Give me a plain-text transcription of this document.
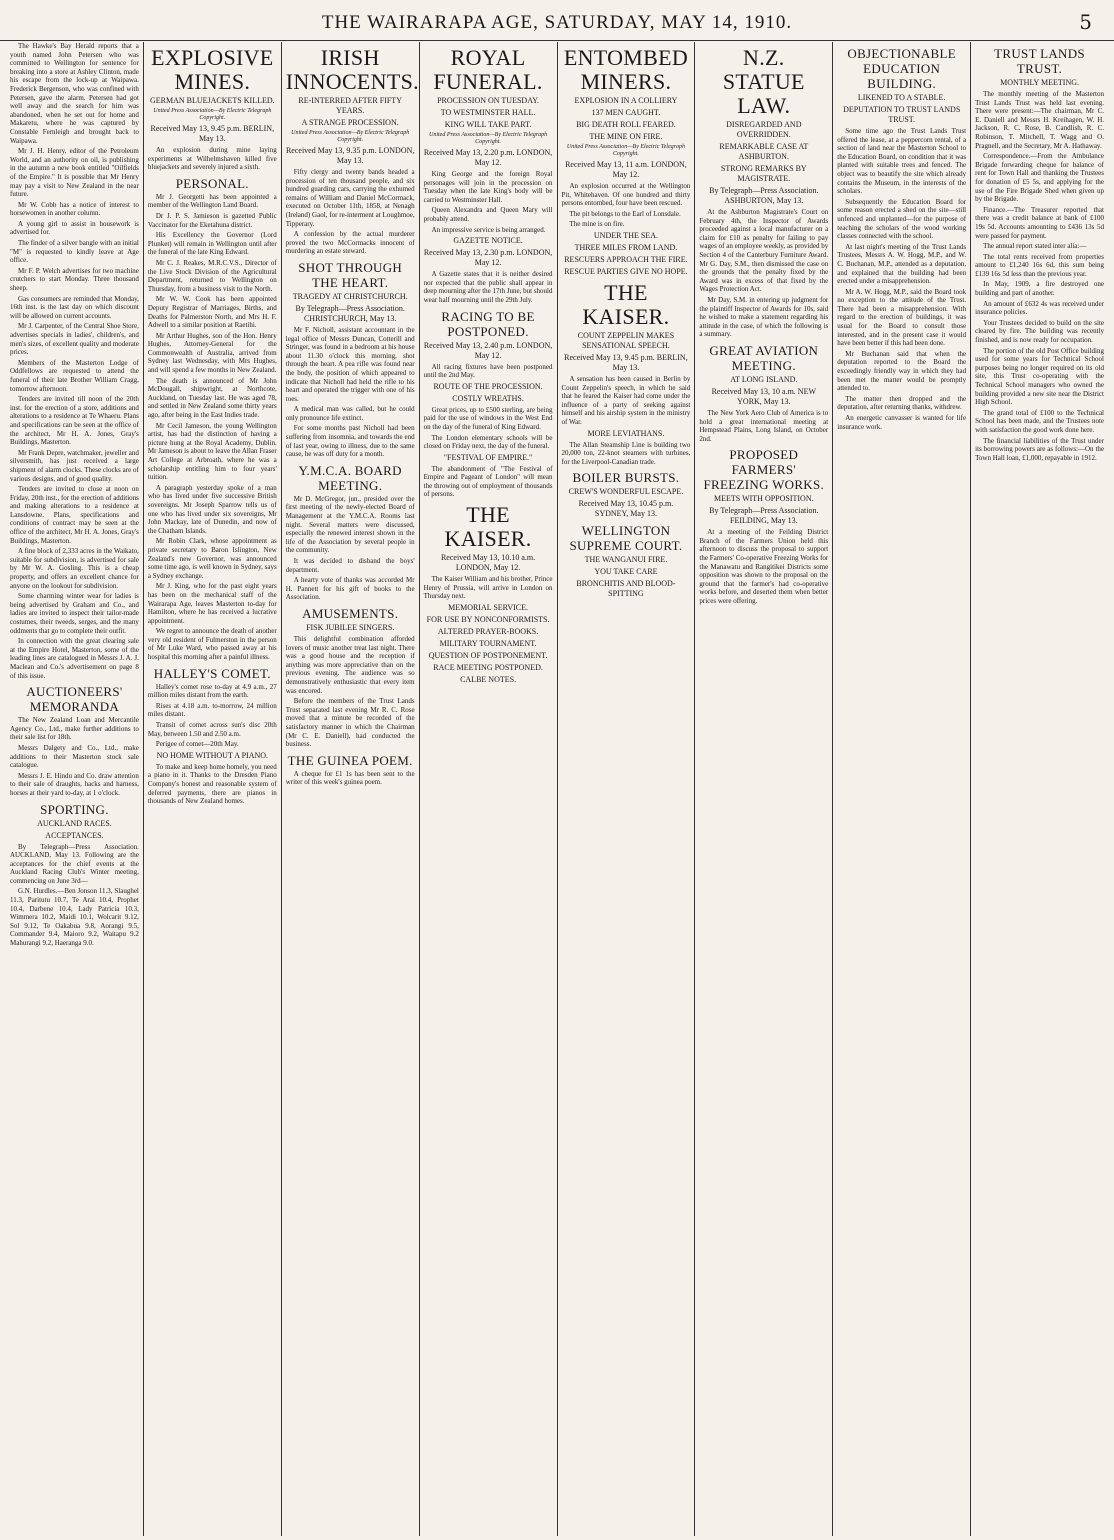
THE WAIRARAPA AGE, SATURDAY, MAY 14, 1910.	5

The Hawke's Bay Herald reports that a youth named John Petersen who was committed to Wellington for sentence for breaking into a store at Ashley Clinton, made his escape from the lock-up at Waipawa. Frederick Bergenson, who was confined with Petersen, gave the alarm. Petersen had got well away and the search for him was abandoned, when he set out for home and Makaretu, where he was captured by Constable Fernleigh and brought back to Waipawa.

Mr J. H. Henry, editor of the Petroleum World, and an authority on oil, is publishing in the autumn a new book entitled "Oilfields of the Empire." It is possible that Mr Henry may pay a visit to New Zealand in the near future.

Mr W. Cobb has a notice of interest to horsewomen in another column.

A young girl to assist in housework is advertised for.

The finder of a silver bangle with an initial "M" is requested to kindly leave at Age office.

Mr F. P. Welch advertises for two machine crutchers to start Monday. Three thousand sheep.

Gas consumers are reminded that Monday, 16th inst. is the last day on which discount will be allowed on current accounts.

Mr J. Carpenter, of the Central Shoe Store, advertises specials in ladies', children's, and men's sizes, of excellent quality and moderate prices.

Members of the Masterton Lodge of Oddfellows are requested to attend the funeral of their late Brother William Cragg, tomorrow afternoon.

Tenders are invited till noon of the 20th inst. for the erection of a store, additions and alterations to a residence at Te Whaeru. Plans and specifications can be seen at the office of the architect, Mr H. A. Jones, Gray's Buildings, Masterton.

Mr Frank Depre, watchmaker, jeweller and silversmith, has just received a large shipment of alarm clocks. These clocks are of various designs, and of good quality.

Tenders are invited to close at noon on Friday, 20th inst., for the erection of additions and making alterations to a residence at Lansdowne. Plans, specifications and conditions of contract may be seen at the office of the architect, Mr H. A. Jones, Gray's Buildings, Masterton.

A fine block of 2,333 acres in the Waikato, suitable for subdivision, is advertised for sale by Mr W. A. Gosling. This is a cheap property, and offers an excellent chance for anyone on the lookout for subdivision.

Some charming winter wear for ladies is being advertised by Graham and Co., and ladies are invited to inspect their tailor-made costumes, their tweeds, serges, and the many oddments that go to complete their outfit.

In connection with the great clearing sale at the Empire Hotel, Masterton, some of the leading lines are catalogued in Messrs J. A. J. Maclean and Co.'s advertisement on page 8 of this issue.

AUCTIONEERS' MEMORANDA

The New Zealand Loan and Mercantile Agency Co., Ltd., make further additions to their sale list for 18th.

Messrs Dalgety and Co., Ltd., make additions to their Masterton stock sale catalogue.

Messrs J. E. Hindu and Co. draw attention to their sale of draughts, hacks and harness, horses at their yard to-day, at 1 o'clock.

SPORTING.
AUCKLAND RACES.
ACCEPTANCES.

By Telegraph—Press Association. AUCKLAND, May 13. Following are the acceptances for the chief events at the Auckland Racing Club's Winter meeting, commencing on June 3rd—

G.N. Hurdles.—Ben Jonson 11.3, Slaughel 11.3, Paritutu 10.7, Te Arai 10.4, Prophet 10.4, Darbene 10.4, Lady Patricia 10.3, Wimmera 10.2, Maidi 10.1, Wolcarit 9.12, Sol 9.12, Te Oakabua 9.8, Aorangi 9.5, Commander 9.4, Maioro 9.2, Waitapu 9.2 Mahurangi 9.2, Haeranga 9.0.

EXPLOSIVE MINES.
GERMAN BLUEJACKETS KILLED.
United Press Association—By Electric Telegraph Copyright.
Received May 13, 9.45 p.m. BERLIN, May 13.

An explosion during mine laying experiments at Wilhelmshaven killed five bluejackets and severely injured a sixth.

PERSONAL.

Mr J. Georgetti has been appointed a member of the Wellington Land Board.

Dr J. P. S. Jamieson is gazetted Public Vaccinator for the Eketahuna district.

His Excellency the Governor (Lord Plunket) will remain in Wellington until after the funeral of the late King Edward.

Mr C. J. Reakes, M.R.C.V.S., Director of the Live Stock Division of the Agricultural Department, returned to Wellington on Thursday, from a business visit to the North.

Mr W. W. Cook has been appointed Deputy Registrar of Marriages, Births, and Deaths for Palmerston North, and Mrs H. F. Adwell to a similar position at Raetihi.

Mr Arthur Hughes, son of the Hon. Henry Hughes, Attorney-General for the Commonwealth of Australia, arrived from Sydney last Wednesday, with Mrs Hughes, and will spend a few months in New Zealand.

The death is announced of Mr John McDougall, shipwright, at Northcote, Auckland, on Tuesday last. He was aged 78, and settled in New Zealand some thirty years ago, after being in the East Indies trade.

Mr Cecil Jameson, the young Wellington artist, has had the distinction of having a picture hung at the Royal Academy, Dublin. Mr Jameson is about to leave the Allan Fraser Art College at Arbroath, where he was a scholarship entitling him to four years' tuition.

A paragraph yesterday spoke of a man who has lived under five successive British sovereigns. Mr Joseph Sparrow tells us of one who has lived under six sovereigns, Mr John Mackay, late of Dunedin, and now of the Chatham Islands.

Mr Robin Clark, whose appointment as private secretary to Baron Islington, New Zealand's new Governor, was announced some time ago, is well known in Sydney, says a Sydney exchange.

Mr J. King, who for the past eight years has been on the mechanical staff of the Wairarapa Age, leaves Masterton to-day for Hamilton, where he has received a lucrative appointment.

We regret to announce the death of another very old resident of Fulmerston in the person of Mr Luke Ward, who passed away at his hospital this morning after a painful illness.

HALLEY'S COMET.

Halley's comet rose to-day at 4.9 a.m., 27 million miles distant from the earth.

Rises at 4.18 a.m. to-morrow, 24 million miles distant.

Transit of comet across sun's disc 20th May, between 1.50 and 2.50 a.m.

Perigee of comet—20th May.

NO HOME WITHOUT A PIANO.

To make and keep home homely, you need a piano in it. Thanks to the Dresden Piano Company's honest and reasonable system of deferred payments, there are pianos in thousands of New Zealand homes.

IRISH INNOCENTS.
RE-INTERRED AFTER FIFTY YEARS.
A STRANGE PROCESSION.
United Press Association—By Electric Telegraph Copyright.
Received May 13, 9.35 p.m. LONDON, May 13.

Fifty clergy and twenty bands headed a procession of ten thousand people, and six hundred guarding cars, carrying the exhumed remains of William and Daniel McCormack, executed on October 11th, 1858, at Nenagh (Ireland) Gaol, for re-interment at Loughmoe, Tipperary.

A confession by the actual murderer proved the two McCormacks innocent of murdering an estate steward.

SHOT THROUGH THE HEART.
TRAGEDY AT CHRISTCHURCH.
By Telegraph—Press Association. CHRISTCHURCH, May 13.

Mr F. Nicholl, assistant accountant in the legal office of Messrs Duncan, Cotterill and Stringer, was found in a bedroom at his house about 11.30 o'clock this morning, shot through the heart. A pea rifle was found near the body, the position of which appeared to indicate that Nicholl had held the rifle to his heart and operated the trigger with one of his toes.

A medical man was called, but he could only pronounce life extinct.

For some months past Nicholl had been suffering from insomnia, and towards the end of last year, owing to illness, due to the same cause, he was off duty for a month.

Y.M.C.A. BOARD MEETING.

Mr D. McGregor, jun., presided over the first meeting of the newly-elected Board of Management at the Y.M.C.A. Rooms last night. Several matters were discussed, especially the renewed interest shown in the life of the Association by several people in the community.

It was decided to disband the boys' department.

A hearty vote of thanks was accorded Mr H. Pannett for his gift of books to the Association.

AMUSEMENTS.
FISK JUBILEE SINGERS.

This delightful combination afforded lovers of music another treat last night. There was a good house and the reception if anything was more appreciative than on the previous evening. The audience was so demonstratively enthusiastic that every item was encored.

Before the members of the Trust Lands Trust separated last evening Mr R. C. Rose moved that a minute be recorded of the satisfactory manner in which the Chairman (Mr C. E. Daniell), had conducted the business.

THE GUINEA POEM.

A cheque for £1 1s has been sent to the writer of this week's guinea poem.

ROYAL FUNERAL.
PROCESSION ON TUESDAY.
TO WESTMINSTER HALL.
KING WILL TAKE PART.
United Press Association—By Electric Telegraph Copyright.
Received May 13, 2.20 p.m. LONDON, May 12.

King George and the foreign Royal personages will join in the procession on Tuesday when the late King's body will be carried to Westminster Hall.

Queen Alexandra and Queen Mary will probably attend.

An impressive service is being arranged.

GAZETTE NOTICE.
Received May 13, 2.30 p.m. LONDON, May 12.

A Gazette states that it is neither desired nor expected that the public shall appear in deep mourning after the 17th June, but should wear half mourning until the 29th July.

RACING TO BE POSTPONED.
Received May 13, 2.40 p.m. LONDON, May 12.

All racing fixtures have been postponed until the 2nd May.

ROUTE OF THE PROCESSION.
COSTLY WREATHS.

Great prices, up to £500 sterling, are being paid for the use of windows in the West End on the day of the funeral of King Edward.

The London elementary schools will be closed on Friday next, the day of the funeral.

"FESTIVAL OF EMPIRE."

The abandonment of "The Festival of Empire and Pageant of London" will mean the throwing out of employment of thousands of persons.

THE KAISER.
Received May 13, 10.10 a.m. LONDON, May 12.

The Kaiser William and his brother, Prince Henry of Prussia, will arrive in London on Thursday next.

MEMORIAL SERVICE.
FOR USE BY NONCONFORMISTS.
ALTERED PRAYER-BOOKS.
MILITARY TOURNAMENT.
QUESTION OF POSTPONEMENT.
RACE MEETING POSTPONED.
CALBE NOTES.
ENTOMBED MINERS.
EXPLOSION IN A COLLIERY
137 MEN CAUGHT.
BIG DEATH ROLL FEARED.
THE MINE ON FIRE.
United Press Association—By Electric Telegraph Copyright.
Received May 13, 11 a.m. LONDON, May 12.

An explosion occurred at the Wellington Pit, Whitehaven. Of one hundred and thirty persons entombed, four have been rescued.

The pit belongs to the Earl of Lonsdale.

The mine is on fire.

UNDER THE SEA.
THREE MILES FROM LAND.
RESCUERS APPROACH THE FIRE.
RESCUE PARTIES GIVE NO HOPE.
THE KAISER.
COUNT ZEPPELIN MAKES SENSATIONAL SPEECH.
Received May 13, 9.45 p.m. BERLIN, May 13.

A sensation has been caused in Berlin by Count Zeppelin's speech, in which he said that he feared the Kaiser had come under the influence of a party of seeking against himself and his airship system in the ministry of War.

MORE LEVIATHANS.

The Allan Steamship Line is building two 20,000 ton, 22-knot steamers with turbines, for the Liverpool-Canadian trade.

BOILER BURSTS.
CREW'S WONDERFUL ESCAPE.
Received May 13, 10.45 p.m. SYDNEY, May 13.
WELLINGTON SUPREME COURT.
THE WANGANUI FIRE.
YOU TAKE CARE
BRONCHITIS AND BLOOD-SPITTING
N.Z. STATUE LAW.
DISREGARDED AND OVERRIDDEN.
REMARKABLE CASE AT ASHBURTON.
STRONG REMARKS BY MAGISTRATE.
By Telegraph—Press Association. ASHBURTON, May 13.

At the Ashburton Magistrate's Court on February 4th, the Inspector of Awards proceeded against a local manufacturer on a claim for £10 as penalty for failing to pay wages of an employee weekly, as provided by Section 4 of the Canterbury Furniture Award. Mr G. Day, S.M., then dismissed the case on the grounds that the penalty fixed by the Award was in excess of that fixed by the Wages Protection Act.

Mr Day, S.M. in entering up judgment for the plaintiff Inspector of Awards for 10s, said he wished to make a statement regarding his attitude in the case, of which the following is a summary.

GREAT AVIATION MEETING.
AT LONG ISLAND.
Received May 13, 10 a.m. NEW YORK, May 13.

The New York Aero Club of America is to hold a great international meeting at Hempstead Plains, Long Island, on October 2nd.

PROPOSED FARMERS' FREEZING WORKS.
MEETS WITH OPPOSITION.
By Telegraph—Press Association. FEILDING, May 13.

At a meeting of the Feilding District Branch of the Farmers Union held this afternoon to discuss the proposal to support the Farmers' Co-operative Freezing Works for the Manawatu and Rangitikei Districts some opposition was shown to the proposal on the ground that the farmer's had co-operative works before, and deserted them when better prices were offering.

OBJECTIONABLE EDUCATION BUILDING.
LIKENED TO A STABLE.
DEPUTATION TO TRUST LANDS TRUST.

Some time ago the Trust Lands Trust offered the lease, at a peppercorn rental, of a section of land near the Masterton School to the Education Board, on condition that it was planted with suitable trees and fenced. The object was to beautify the site which already contains the Museum, in the interests of the scholars.

Subsequently the Education Board for some reason erected a shed on the site—still unfenced and unplanted—for the purpose of teaching the scholars of the wood working classes connected with the school.

At last night's meeting of the Trust Lands Trustees, Messrs A. W. Hogg, M.P., and W. C. Buchanan, M.P., attended as a deputation, and explained that the building had been erected under a misapprehension.

Mr A. W. Hogg, M.P., said the Board took no exception to the attitude of the Trust. There had been a misapprehension. With regard to the erection of buildings, it was usual for the Board to consult those interested, and in the present case it would have been better if this had been done.

Mr Buchanan said that when the deputation reported to the Board the exceedingly friendly way in which they had been met the matter would be promptly attended to.

The matter then dropped and the deputation, after returning thanks, withdrew.

An energetic canvasser is wanted for life insurance work.

TRUST LANDS TRUST.
MONTHLY MEETING.

The monthly meeting of the Masterton Trust Lands Trust was held last evening. There were present:—The chairman, Mr C. E. Daniell and Messrs H. Kreihagen, W. H. Jackson, R. C. Rose, B. Candlish, R. C. Robinson, T. Mitchell, T. Wagg and O. Pragnell, and the Secretary, Mr A. Hathaway.

Correspondence.—From the Ambulance Brigade forwarding cheque for balance of rent for Town Hall and thanking the Trustees for donation of £5 5s, and applying for the use of the Fire Brigade Shed when given up by the Brigade.

Finance.—The Treasurer reported that there was a credit balance at bank of £100 19s 5d. Accounts amounting to £436 13s 5d were passed for payment.

The annual report stated inter alia:—

The total rents received from properties amount to £1,240 16s 6d, this sum being £139 16s 5d less than the previous year.

In May, 1909, a fire destroyed one building and part of another.

An amount of £632 4s was received under insurance policies.

Your Trustees decided to build on the site cleared by fire. The building was recently finished, and is now ready for occupation.

The portion of the old Post Office building used for some years for Technical School purposes being no longer required on its old site, this Trust co-operating with the Technical School managers who owned the building provided a new site near the District High School.

The grand total of £100 to the Technical School has been made, and the Trustees note with satisfaction the good work done here.

The financial liabilities of the Trust under its borrowing powers are as follows:—On the Town Hall loan, £1,000, repayable in 1912.
